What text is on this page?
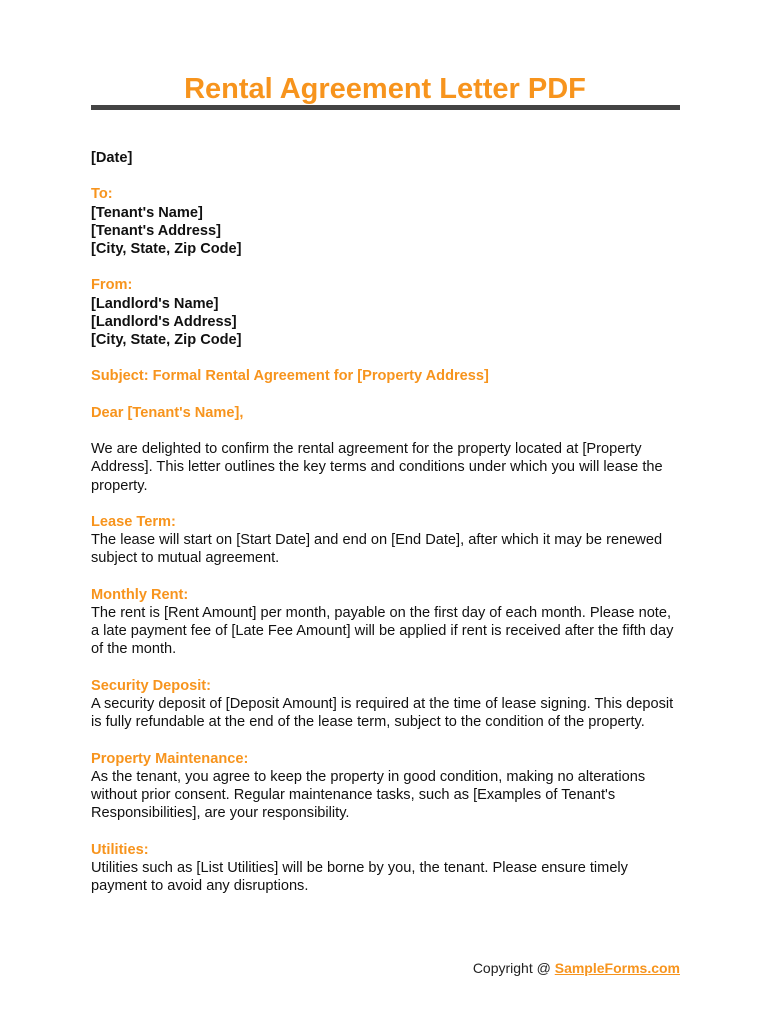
Rental Agreement Letter PDF

[Date]

To:
[Tenant's Name]
[Tenant's Address]
[City, State, Zip Code]

From:
[Landlord's Name]
[Landlord's Address]
[City, State, Zip Code]

Subject: Formal Rental Agreement for [Property Address]

Dear [Tenant's Name],

We are delighted to confirm the rental agreement for the property located at [Property Address]. This letter outlines the key terms and conditions under which you will lease the property.

Lease Term:
The lease will start on [Start Date] and end on [End Date], after which it may be renewed subject to mutual agreement.

Monthly Rent:
The rent is [Rent Amount] per month, payable on the first day of each month. Please note, a late payment fee of [Late Fee Amount] will be applied if rent is received after the fifth day of the month.

Security Deposit:
A security deposit of [Deposit Amount] is required at the time of lease signing. This deposit is fully refundable at the end of the lease term, subject to the condition of the property.

Property Maintenance:
As the tenant, you agree to keep the property in good condition, making no alterations without prior consent. Regular maintenance tasks, such as [Examples of Tenant's Responsibilities], are your responsibility.

Utilities:
Utilities such as [List Utilities] will be borne by you, the tenant. Please ensure timely payment to avoid any disruptions.

Copyright @ SampleForms.com
